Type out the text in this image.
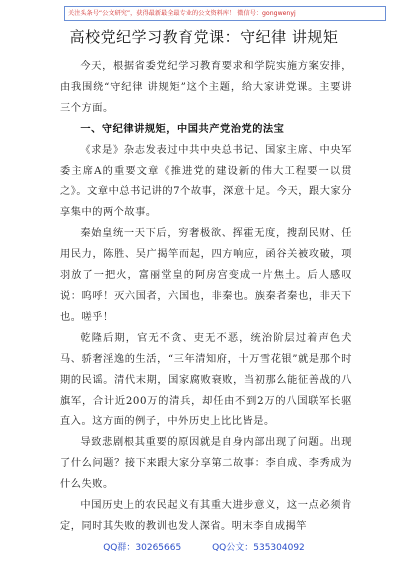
关注头条号“公文研究”，获得最新最全最专业的公文资料库！ 微信号：gongwenyj
高校党纪学习教育党课：守纪律 讲规矩

今天，根据省委党纪学习教育要求和学院实施方案安排，由我围绕“守纪律 讲规矩”这个主题，给大家讲党课。主要讲三个方面。

一、守纪律讲规矩，中国共产党治党的法宝

《求是》杂志发表过中共中央总书记、国家主席、中央军委主席A的重要文章《推进党的建设新的伟大工程要一以贯之》。文章中总书记讲的7个故事，深意十足。今天，跟大家分享集中的两个故事。

秦始皇统一天下后，穷奢极欲、挥霍无度，搜刮民财、任用民力，陈胜、吴广揭竿而起，四方响应，函谷关被攻破，项羽放了一把火，富丽堂皇的阿房宫变成一片焦土。后人感叹说：呜呼！灭六国者，六国也，非秦也。族秦者秦也，非天下也。嗟乎！

乾隆后期，官无不贪、吏无不恶，统治阶层过着声色犬马、骄奢淫逸的生活，“三年清知府，十万雪花银”就是那个时期的民谣。清代末期，国家腐败衰败，当初那么能征善战的八旗军，合计近200万的清兵，却任由不到2万的八国联军长驱直入。这方面的例子，中外历史上比比皆是。

导致悲剧根其重要的原因就是自身内部出现了问题。出现了什么问题？接下来跟大家分享第二故事：李自成、李秀成为什么失败。

中国历史上的农民起义有其重大进步意义，这一点必须肯定，同时其失败的教训也发人深省。明末李自成揭竿

QQ群：30265665	QQ公文：535304092
